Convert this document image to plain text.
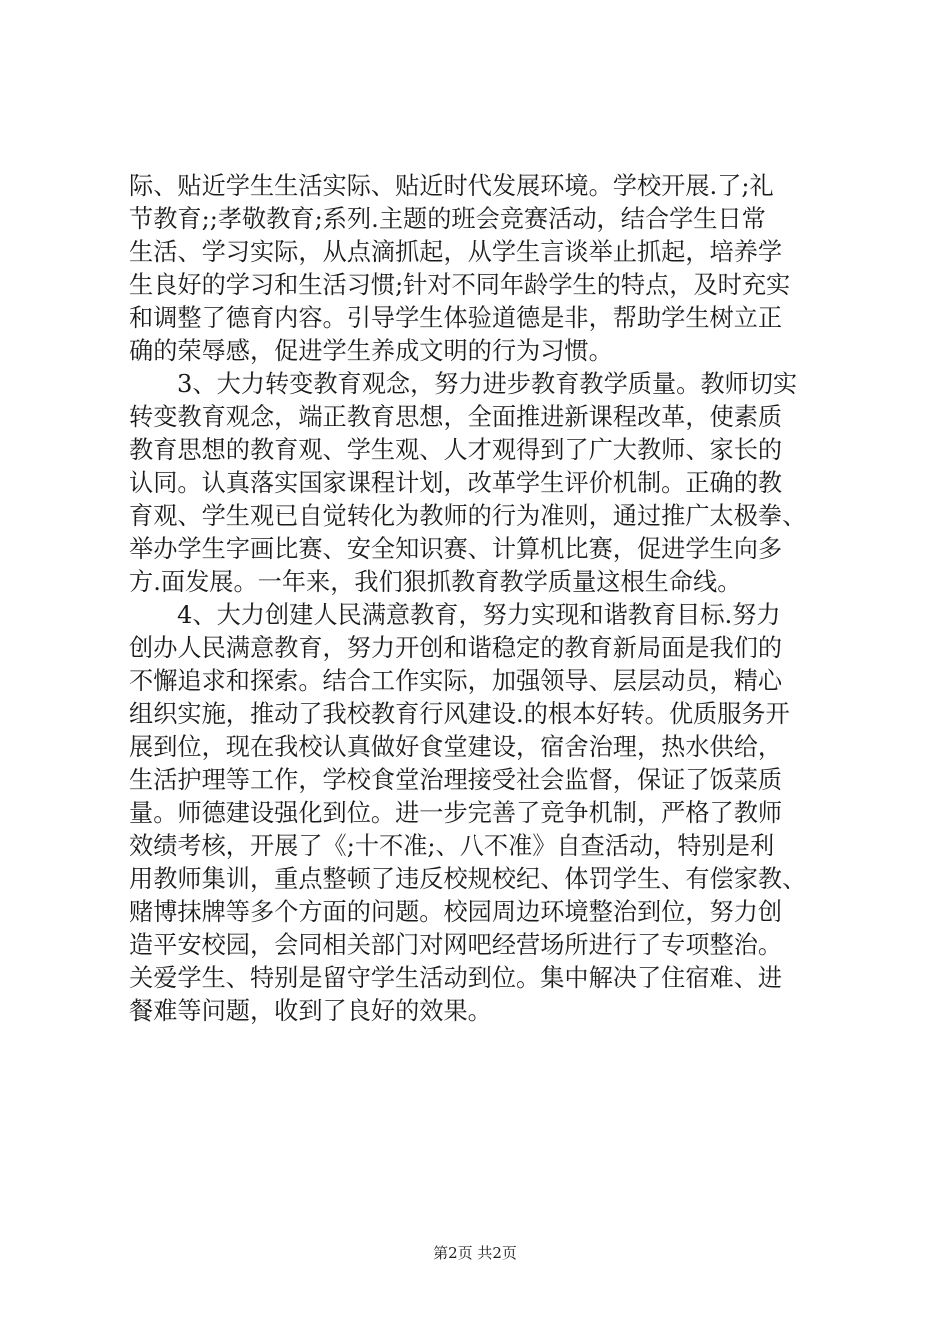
际、贴近学生生活实际、贴近时代发展环境。学校开展.了;礼
节教育;;孝敬教育;系列.主题的班会竞赛活动，结合学生日常
生活、学习实际，从点滴抓起，从学生言谈举止抓起，培养学
生良好的学习和生活习惯;针对不同年龄学生的特点，及时充实
和调整了德育内容。引导学生体验道德是非，帮助学生树立正
确的荣辱感，促进学生养成文明的行为习惯。
3、大力转变教育观念，努力进步教育教学质量。教师切实
转变教育观念，端正教育思想，全面推进新课程改革，使素质
教育思想的教育观、学生观、人才观得到了广大教师、家长的
认同。认真落实国家课程计划，改革学生评价机制。正确的教
育观、学生观已自觉转化为教师的行为准则，通过推广太极拳、
举办学生字画比赛、安全知识赛、计算机比赛，促进学生向多
方.面发展。一年来，我们狠抓教育教学质量这根生命线。
4、大力创建人民满意教育，努力实现和谐教育目标.努力
创办人民满意教育，努力开创和谐稳定的教育新局面是我们的
不懈追求和探索。结合工作实际，加强领导、层层动员，精心
组织实施，推动了我校教育行风建设.的根本好转。优质服务开
展到位，现在我校认真做好食堂建设，宿舍治理，热水供给，
生活护理等工作，学校食堂治理接受社会监督，保证了饭菜质
量。师德建设强化到位。进一步完善了竞争机制，严格了教师
效绩考核，开展了《;十不准;、八不准》自查活动，特别是利
用教师集训，重点整顿了违反校规校纪、体罚学生、有偿家教、
赌博抹牌等多个方面的问题。校园周边环境整治到位，努力创
造平安校园，会同相关部门对网吧经营场所进行了专项整治。
关爱学生、特别是留守学生活动到位。集中解决了住宿难、进
餐难等问题，收到了良好的效果。
第2页 共2页
